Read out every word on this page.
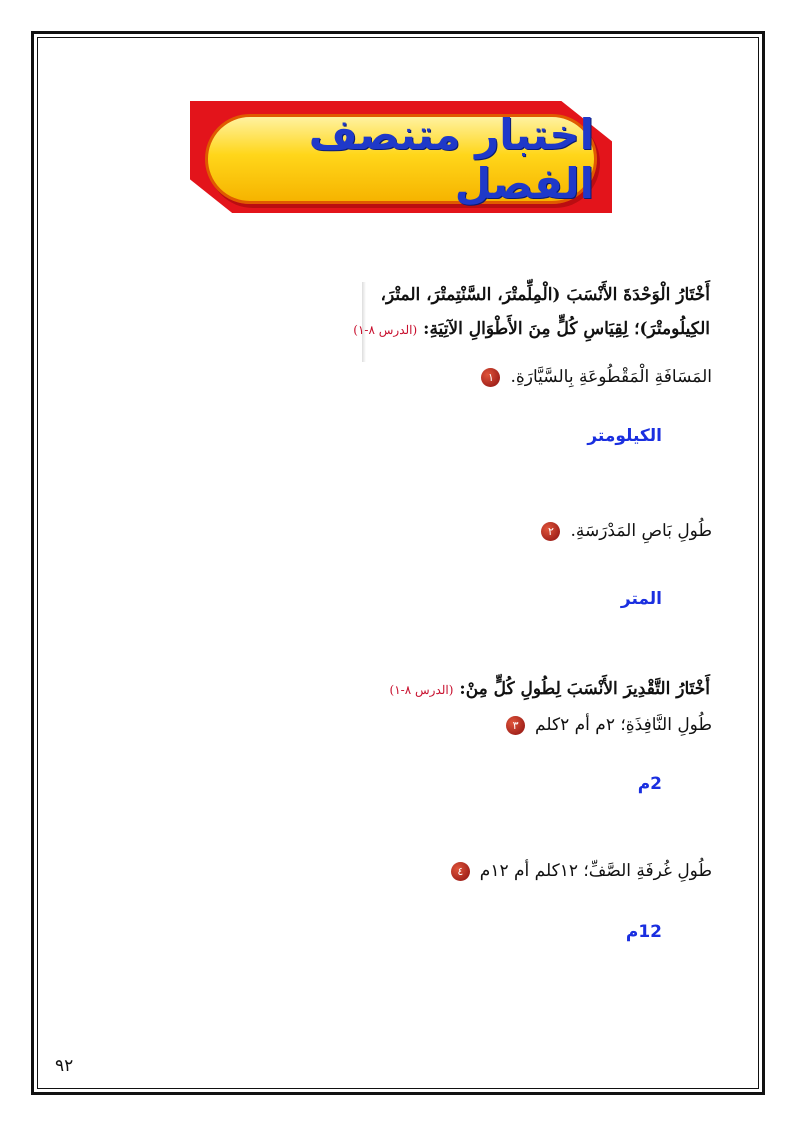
اختبار متنصف الفصل
أَخْتَارُ الْوَحْدَةَ الأَنْسَبَ (الْمِلِّمتْرَ، السَّنْتِمتْرَ، المتْرَ،
الكِيلُومتْرَ)؛ لِقِيَاسِ كُلٍّ مِنَ الأَطْوَالِ الآتِيَةِ:(الدرس ٨-١)
١ المَسَافَةِ الْمَقْطُوعَةِ بِالسَّيَّارَةِ.
الكيلومتر
٢ طُولِ بَاصِ المَدْرَسَةِ.
المتر
أَخْتَارُ التَّقْدِيرَ الأَنْسَبَ لِطُولِ كُلٍّ مِنْ:(الدرس ٨-١)
٣ طُولِ النَّافِذَةِ؛ ٢م أم ٢كلم
2م
٤ طُولِ غُرفَةِ الصَّفِّ؛ ١٢كلم أم ١٢م
12م
٩٢
